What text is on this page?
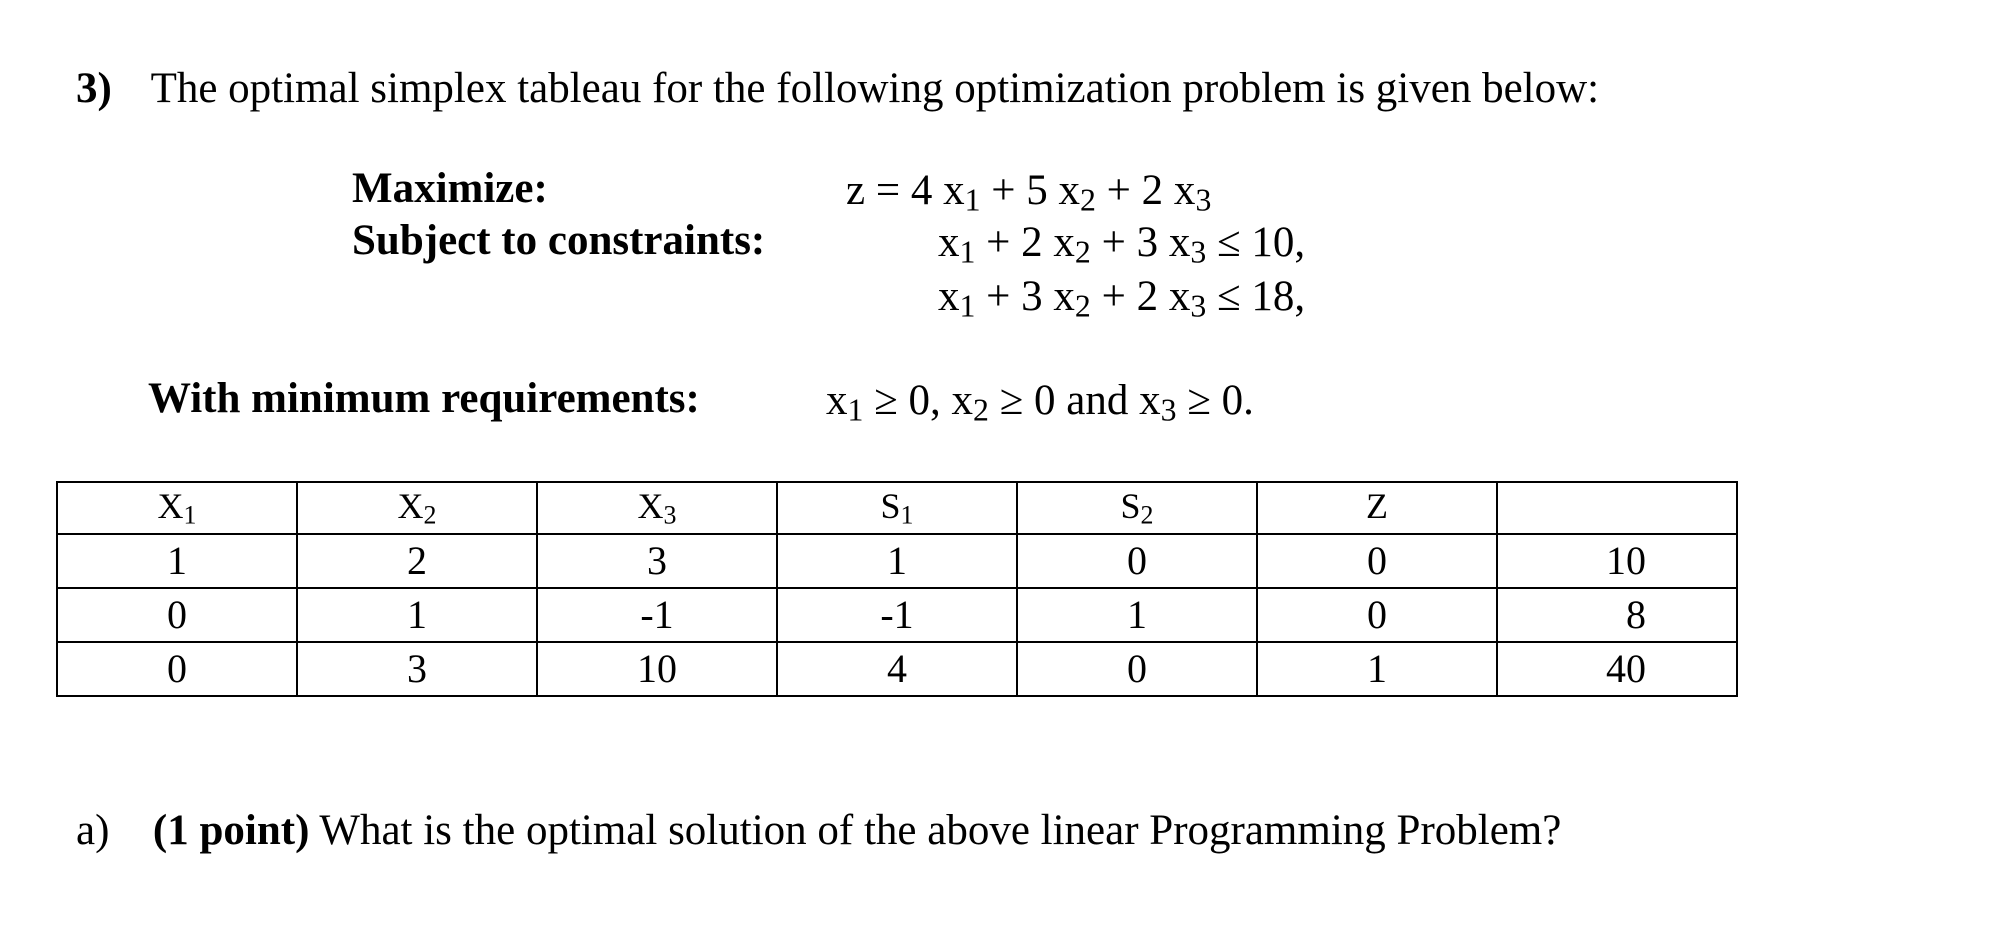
3) The optimal simplex tableau for the following optimization problem is given below:
Maximize:
Subject to constraints:
With minimum requirements:
z = 4 x1 + 5 x2 + 2 x3
x1 + 2 x2 + 3 x3 ≤ 10,
x1 + 3 x2 + 2 x3 ≤ 18,
x1 ≥ 0, x2 ≥ 0 and x3 ≥ 0.
X1	X2	X3	S1	S2	Z	
1	2	3	1	0	0	10
0	1	-1	-1	1	0	8
0	3	10	4	0	1	40
a) (1 point) What is the optimal solution of the above linear Programming Problem?
